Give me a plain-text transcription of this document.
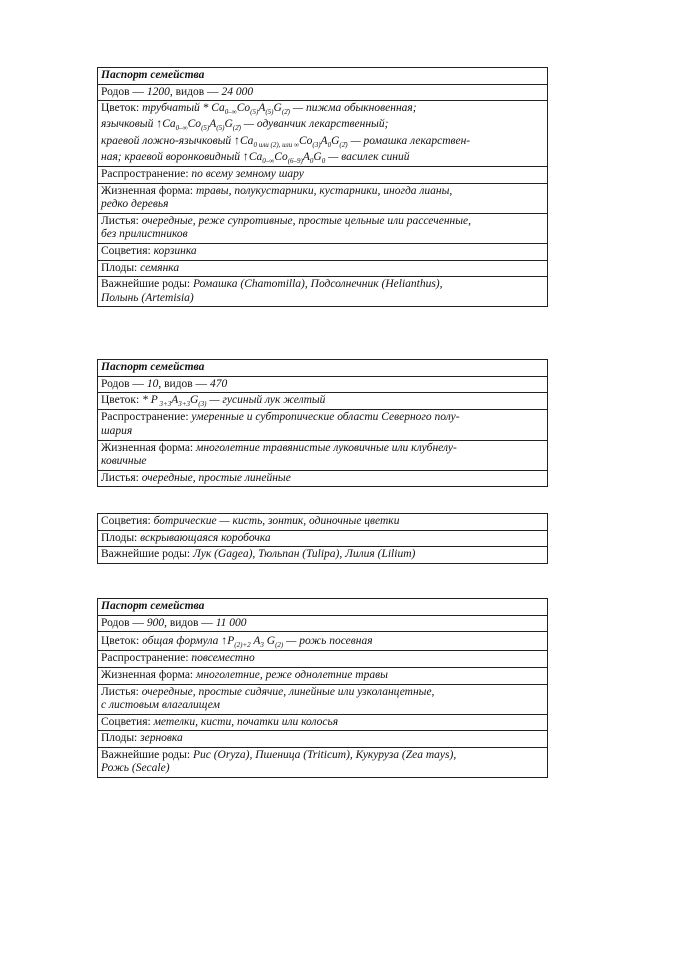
Паспорт семейства
Родов — 1200, видов — 24 000

Цветок: трубчатый * $Ca_{0-\infty}Co_{(5)}A_{(5)}G_{(2̄)}$ — пижма обыкновенная;
язычковый $↑Ca_{0-\infty}Co_{(5)}A_{(5)}G_{(2̄)}$ — одуванчик лекарственный;
краевой ложно-язычковый $↑Ca_{0 или (2), или \infty}Co_{(3)}A_0G_{(2̄)}$ — ромашка лекарствен-
ная; краевой воронковидный $↑Ca_{0-\infty}Co_{(6-9)}A_0G_0$ — василек синий

Распространение: по всему земному шару
Жизненная форма: травы, полукустарники, кустарники, иногда лианы,
редко деревья
Листья: очередные, реже супротивные, простые цельные или рассеченные,
без прилистников
Соцветия: корзинка
Плоды: семянка
Важнейшие роды: Ромашка (Chamomilla), Подсолнечник (Helianthus),
Полынь (Artemisia)
Паспорт семейства
Родов — 10, видов — 470
Цветок: * P $_{3+3}A_{3+3}G_{(3)}$ — гусиный лук желтый
Распространение: умеренные и субтропические области Северного полу-
шария
Жизненная форма: многолетние травянистые луковичные или клубнелу-
ковичные
Листья: очередные, простые линейные
Соцветия: ботрические — кисть, зонтик, одиночные цветки
Плоды: вскрывающаяся коробочка
Важнейшие роды: Лук (Gagea), Тюльпан (Tulipa), Лилия (Lilium)
Паспорт семейства
Родов — 900, видов — 11 000
Цветок: общая формула $↑P_{(2)+2}$ $A_3$ $G_{(2)}$ — рожь посевная
Распространение: повсеместно
Жизненная форма: многолетние, реже однолетние травы
Листья: очередные, простые сидячие, линейные или узколанцетные,
с листовым влагалищем
Соцветия: метелки, кисти, початки или колосья
Плоды: зерновка
Важнейшие роды: Рис (Oryza), Пшеница (Triticum), Кукуруза (Zea mays),
Рожь (Secale)
